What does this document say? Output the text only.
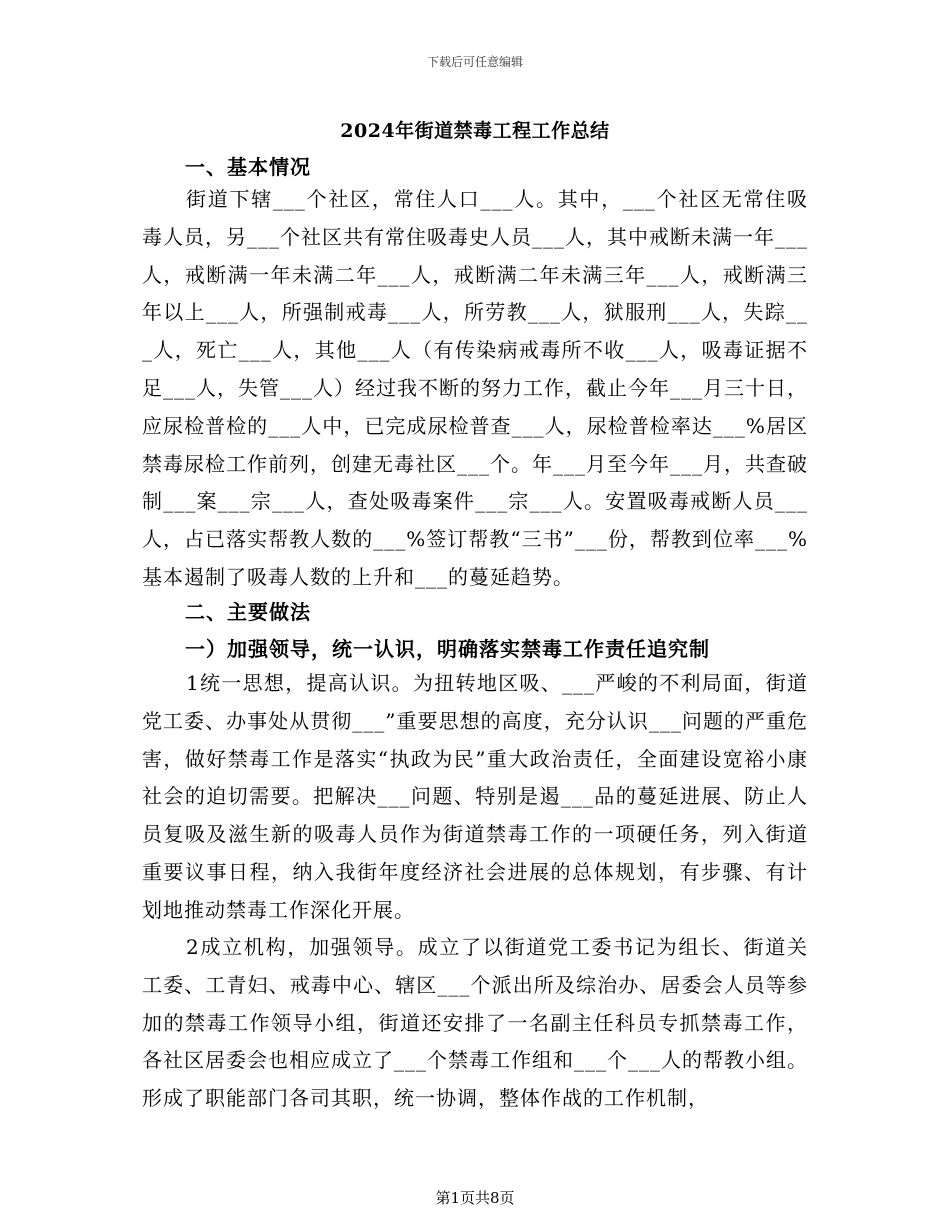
下载后可任意编辑
2024年街道禁毒工程工作总结
一、基本情况
街道下辖___个社区，常住人口___人。其中，___个社区无常住吸毒人员，另___个社区共有常住吸毒史人员___人，其中戒断未满一年___人，戒断满一年未满二年___人，戒断满二年未满三年___人，戒断满三年以上___人，所强制戒毒___人，所劳教___人，狱服刑___人，失踪___人，死亡___人，其他___人（有传染病戒毒所不收___人，吸毒证据不足___人，失管___人）经过我不断的努力工作，截止今年___月三十日，应尿检普检的___人中，已完成尿检普查___人，尿检普检率达___%居区禁毒尿检工作前列，创建无毒社区___个。年___月至今年___月，共查破制___案___宗___人，查处吸毒案件___宗___人。安置吸毒戒断人员___人，占已落实帮教人数的___%签订帮教“三书”___份，帮教到位率___%基本遏制了吸毒人数的上升和___的蔓延趋势。
二、主要做法
一）加强领导，统一认识，明确落实禁毒工作责任追究制
1统一思想，提高认识。为扭转地区吸、___严峻的不利局面，街道党工委、办事处从贯彻___”重要思想的高度，充分认识___问题的严重危害，做好禁毒工作是落实“执政为民”重大政治责任，全面建设宽裕小康社会的迫切需要。把解决___问题、特别是遏___品的蔓延进展、防止人员复吸及滋生新的吸毒人员作为街道禁毒工作的一项硬任务，列入街道重要议事日程，纳入我街年度经济社会进展的总体规划，有步骤、有计划地推动禁毒工作深化开展。
2成立机构，加强领导。成立了以街道党工委书记为组长、街道关工委、工青妇、戒毒中心、辖区___个派出所及综治办、居委会人员等参加的禁毒工作领导小组，街道还安排了一名副主任科员专抓禁毒工作，各社区居委会也相应成立了___个禁毒工作组和___个___人的帮教小组。形成了职能部门各司其职，统一协调，整体作战的工作机制，
第1页共8页
